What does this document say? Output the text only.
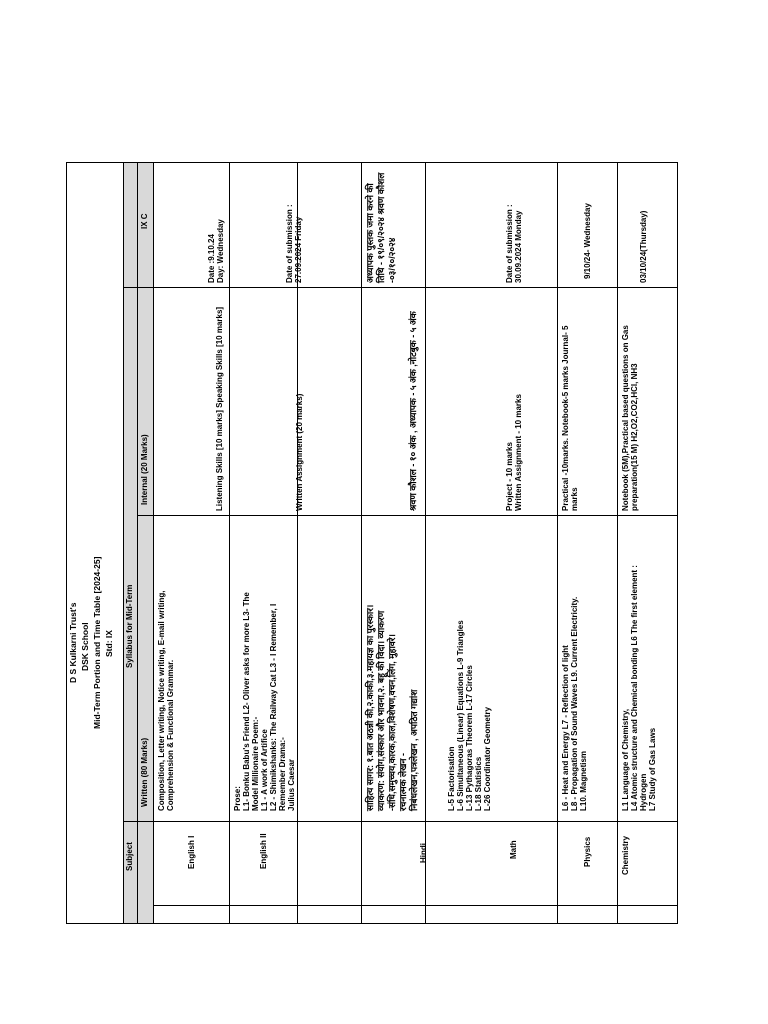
D S Kulkarni Trust's DSK School Mid-Term Portion and Time Table [2024-25] Std: IX
Subject
Syllabus for Mid-Term
Written (80 Marks)
Internal (20 Marks)
IX C
English I
Composition, Letter writing, Notice writing, E-mail writing, Comprehension & Functional Grammar.
Listening Skills [10 marks] Speaking Skills [10 marks]
Date :9.10.24 Day: Wednesday
English II
Prose: L1- Bonku Babu's Friend L2- Oliver asks for more L3- The Model Millionaire Poem:- L1 - A work of Artifice L2 - Shimikshanks: The Railway Cat L3 - I Remember, I Remember Drama:- Julius Caesar
Written Assignment (20 marks)
Date of submission : 27.09.2024 Friday
Hindi
साहित्य सागर: १.बात अठन्नी की,२.काकी,३.महायज्ञ का पुरस्कार। व्याकरण: संयोग,संस्कार और भावना,२. बहू की विदा। व्याकरण -संधि,समुच्चय,कारक,काल,विशेषण,वचन,लिंग, मुहावरे। रचनात्मक लेखन - निबंधलेखन,पत्रलेखन , अपठित गद्यांश
श्रवण कौशल - १० अंक , अध्यापक - ५ अंक ,नोटबुक - ५ अंक
अध्यापक पुस्तक जमा करने की तिथि - १९/०९/२०२४ श्रवण कौशल -०३/१०/२०२४
Math
L-5 Factorisation L-6 Simultaneous (Linear) Equations L-9 Triangles L-13 Pythagoras Theorem L-17 Circles L-18 Statistics L-26 Coordinator Geometry
Project - 10 marks Written Assignment - 10 marks
Date of submission : 30.09.2024 Monday
Physics
L6 - Heat and Energy L7 - Reflection of light L8 - Propagation of Sound Waves L9. Current Electricity. L10. Magnetism
Practical -10marks. Notebook-5 marks Journal- 5 marks
9/10/24- Wednesday
Chemistry
L1 Language of Chemistry, L4 Atomic structure and Chemical bonding L6 The first element : Hydrogen L7 Study of Gas Laws
Notebook (5M),Practical based questions on Gas preparation(15 M) H2,O2,CO2,HCl, NH3
03/10/24(Thursday)
